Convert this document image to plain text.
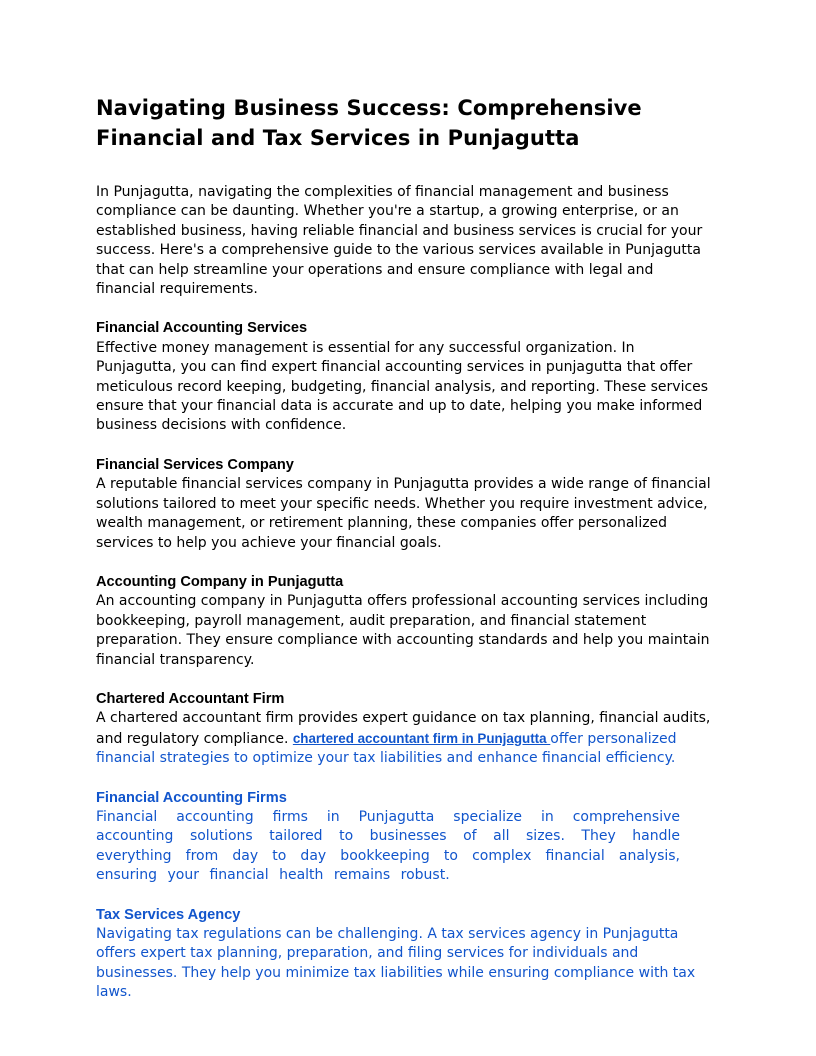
Navigating Business Success: Comprehensive Financial and Tax Services in Punjagutta

In Punjagutta, navigating the complexities of financial management and business compliance can be daunting. Whether you're a startup, a growing enterprise, or an established business, having reliable financial and business services is crucial for your success. Here's a comprehensive guide to the various services available in Punjagutta that can help streamline your operations and ensure compliance with legal and financial requirements.

Financial Accounting Services

Effective money management is essential for any successful organization. In Punjagutta, you can find expert financial accounting services in punjagutta that offer meticulous record keeping, budgeting, financial analysis, and reporting. These services ensure that your financial data is accurate and up to date, helping you make informed business decisions with confidence.

Financial Services Company

A reputable financial services company in Punjagutta provides a wide range of financial solutions tailored to meet your specific needs. Whether you require investment advice, wealth management, or retirement planning, these companies offer personalized services to help you achieve your financial goals.

Accounting Company in Punjagutta

An accounting company in Punjagutta offers professional accounting services including bookkeeping, payroll management, audit preparation, and financial statement preparation. They ensure compliance with accounting standards and help you maintain financial transparency.

Chartered Accountant Firm

A chartered accountant firm provides expert guidance on tax planning, financial audits, and regulatory compliance. chartered accountant firm in Punjagutta offer personalized financial strategies to optimize your tax liabilities and enhance financial efficiency.

Financial Accounting Firms

Financial accounting firms in Punjagutta specialize in comprehensive accounting solutions tailored to businesses of all sizes. They handle everything from day to day bookkeeping to complex financial analysis, ensuring your financial health remains robust.

Tax Services Agency

Navigating tax regulations can be challenging. A tax services agency in Punjagutta offers expert tax planning, preparation, and filing services for individuals and businesses. They help you minimize tax liabilities while ensuring compliance with tax laws.
